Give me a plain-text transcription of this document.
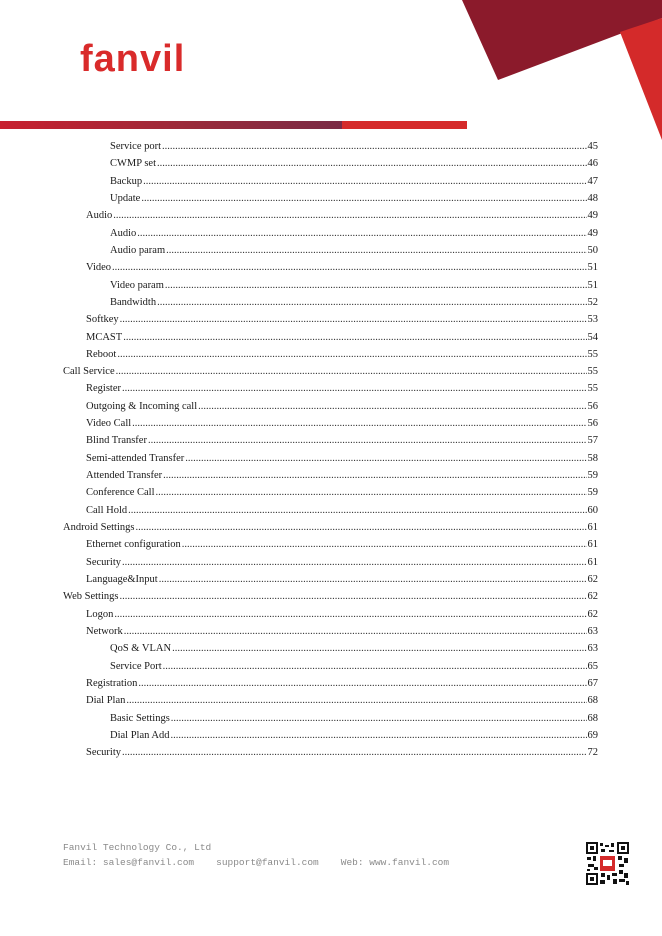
fanvil
Service port .....	45
CWMP set .....	46
Backup .....	47
Update .....	48
Audio .....	49
Audio .....	49
Audio param .....	50
Video .....	51
Video param .....	51
Bandwidth .....	52
Softkey .....	53
MCAST .....	54
Reboot .....	55
Call Service .....	55
Register .....	55
Outgoing & Incoming call .....	56
Video Call .....	56
Blind Transfer .....	57
Semi-attended Transfer .....	58
Attended Transfer .....	59
Conference Call .....	59
Call Hold .....	60
Android Settings .....	61
Ethernet configuration .....	61
Security .....	61
Language&Input .....	62
Web Settings .....	62
Logon .....	62
Network .....	63
QoS & VLAN .....	63
Service Port .....	65
Registration .....	67
Dial Plan .....	68
Basic Settings .....	68
Dial Plan Add .....	69
Security .....	72
Fanvil Technology Co., Ltd
Email: sales@fanvil.com support@fanvil.com Web: www.fanvil.com
